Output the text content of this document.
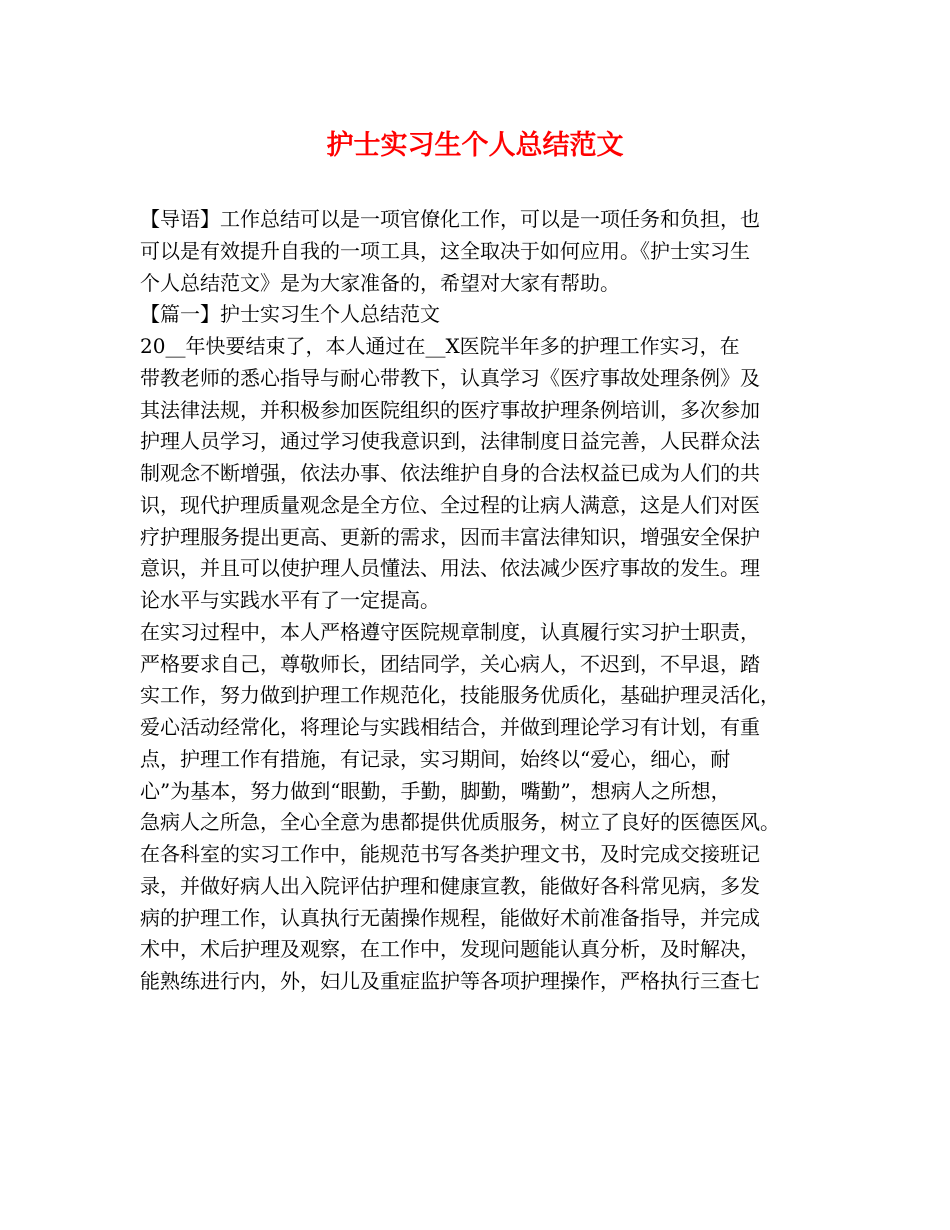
护士实习生个人总结范文
【导语】工作总结可以是一项官僚化工作，可以是一项任务和负担，也
可以是有效提升自我的一项工具，这全取决于如何应用。《护士实习生
个人总结范文》是为大家准备的，希望对大家有帮助。
【篇一】护士实习生个人总结范文
20__年快要结束了，本人通过在__X医院半年多的护理工作实习，在
带教老师的悉心指导与耐心带教下，认真学习《医疗事故处理条例》及
其法律法规，并积极参加医院组织的医疗事故护理条例培训，多次参加
护理人员学习，通过学习使我意识到，法律制度日益完善，人民群众法
制观念不断增强，依法办事、依法维护自身的合法权益已成为人们的共
识，现代护理质量观念是全方位、全过程的让病人满意，这是人们对医
疗护理服务提出更高、更新的需求，因而丰富法律知识，增强安全保护
意识，并且可以使护理人员懂法、用法、依法减少医疗事故的发生。理
论水平与实践水平有了一定提高。
在实习过程中，本人严格遵守医院规章制度，认真履行实习护士职责，
严格要求自己，尊敬师长，团结同学，关心病人，不迟到，不早退，踏
实工作，努力做到护理工作规范化，技能服务优质化，基础护理灵活化，
爱心活动经常化，将理论与实践相结合，并做到理论学习有计划，有重
点，护理工作有措施，有记录，实习期间，始终以“爱心，细心，耐
心”为基本，努力做到“眼勤，手勤，脚勤，嘴勤”，想病人之所想，
急病人之所急，全心全意为患都提供优质服务，树立了良好的医德医风。
在各科室的实习工作中，能规范书写各类护理文书，及时完成交接班记
录，并做好病人出入院评估护理和健康宣教，能做好各科常见病，多发
病的护理工作，认真执行无菌操作规程，能做好术前准备指导，并完成
术中，术后护理及观察，在工作中，发现问题能认真分析，及时解决，
能熟练进行内，外，妇儿及重症监护等各项护理操作，严格执行三查七
